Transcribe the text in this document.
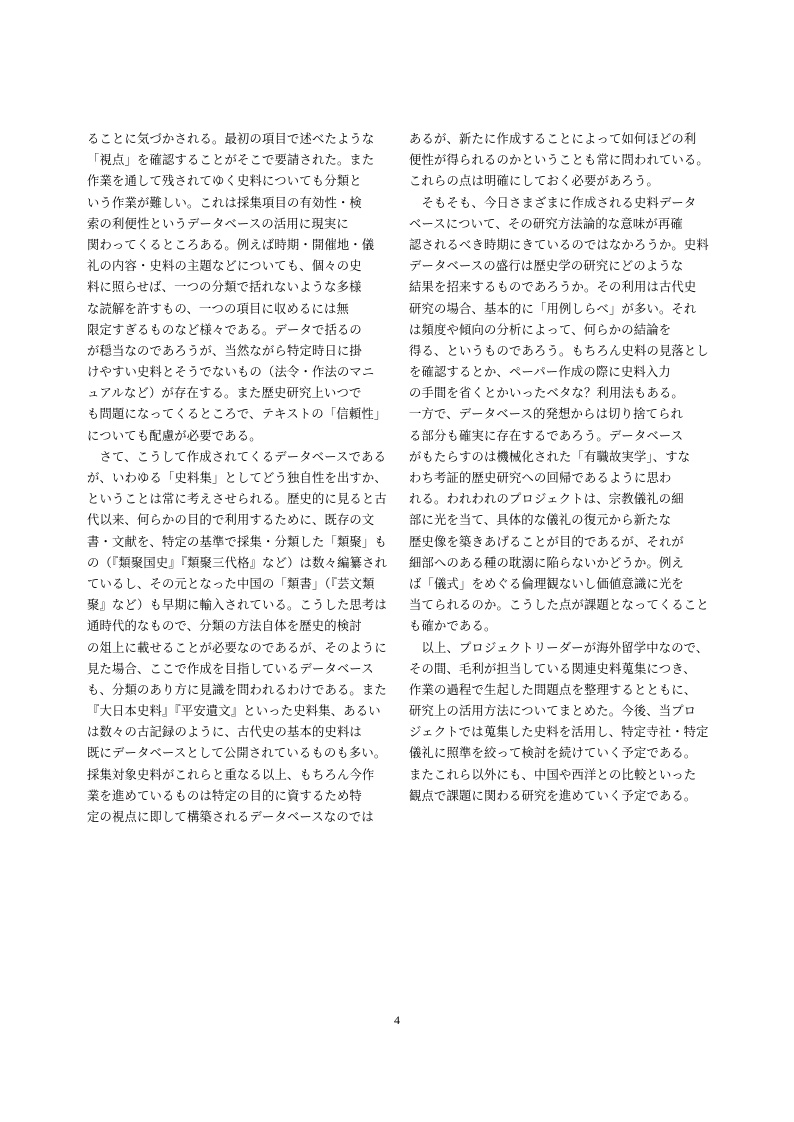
ることに気づかされる。最初の項目で述べたような
「視点」を確認することがそこで要請された。また
作業を通して残されてゆく史料についても分類と
いう作業が難しい。これは採集項目の有効性・検
索の利便性というデータベースの活用に現実に
関わってくるところある。例えば時期・開催地・儀
礼の内容・史料の主題などについても、個々の史
料に照らせば、一つの分類で括れないような多様
な読解を許すもの、一つの項目に収めるには無
限定すぎるものなど様々である。データで括るの
が穏当なのであろうが、当然ながら特定時日に掛
けやすい史料とそうでないもの（法令・作法のマニ
ュアルなど）が存在する。また歴史研究上いつで
も問題になってくるところで、テキストの「信頼性」
についても配慮が必要である。
　さて、こうして作成されてくるデータベースである
が、いわゆる「史料集」としてどう独自性を出すか、
ということは常に考えさせられる。歴史的に見ると古
代以来、何らかの目的で利用するために、既存の文
書・文献を、特定の基準で採集・分類した「類聚」も
の（『類聚国史』『類聚三代格』など）は数々編纂され
ているし、その元となった中国の「類書」（『芸文類
聚』など）も早期に輸入されている。こうした思考は
通時代的なもので、分類の方法自体を歴史的検討
の俎上に載せることが必要なのであるが、そのように
見た場合、ここで作成を目指しているデータベース
も、分類のあり方に見識を問われるわけである。また
『大日本史料』『平安遺文』といった史料集、あるい
は数々の古記録のように、古代史の基本的史料は
既にデータベースとして公開されているものも多い。
採集対象史料がこれらと重なる以上、もちろん今作
業を進めているものは特定の目的に資するため特
定の視点に即して構築されるデータベースなのでは
あるが、新たに作成することによって如何ほどの利
便性が得られるのかということも常に問われている。
これらの点は明確にしておく必要があろう。
　そもそも、今日さまざまに作成される史料データ
ベースについて、その研究方法論的な意味が再確
認されるべき時期にきているのではなかろうか。史料
データベースの盛行は歴史学の研究にどのような
結果を招来するものであろうか。その利用は古代史
研究の場合、基本的に「用例しらべ」が多い。それ
は頻度や傾向の分析によって、何らかの結論を
得る、というものであろう。もちろん史料の見落とし
を確認するとか、ペーパー作成の際に史料入力
の手間を省くとかいったベタな？利用法もある。
一方で、データベース的発想からは切り捨てられ
る部分も確実に存在するであろう。データベース
がもたらすのは機械化された「有職故実学」、すな
わち考証的歴史研究への回帰であるように思わ
れる。われわれのプロジェクトは、宗教儀礼の細
部に光を当て、具体的な儀礼の復元から新たな
歴史像を築きあげることが目的であるが、それが
細部へのある種の耽溺に陥らないかどうか。例え
ば「儀式」をめぐる倫理観ないし価値意識に光を
当てられるのか。こうした点が課題となってくること
も確かである。
　以上、プロジェクトリーダーが海外留学中なので、
その間、毛利が担当している関連史料蒐集につき、
作業の過程で生起した問題点を整理するとともに、
研究上の活用方法についてまとめた。今後、当プロ
ジェクトでは蒐集した史料を活用し、特定寺社・特定
儀礼に照準を絞って検討を続けていく予定である。
またこれら以外にも、中国や西洋との比較といった
観点で課題に関わる研究を進めていく予定である。
4
